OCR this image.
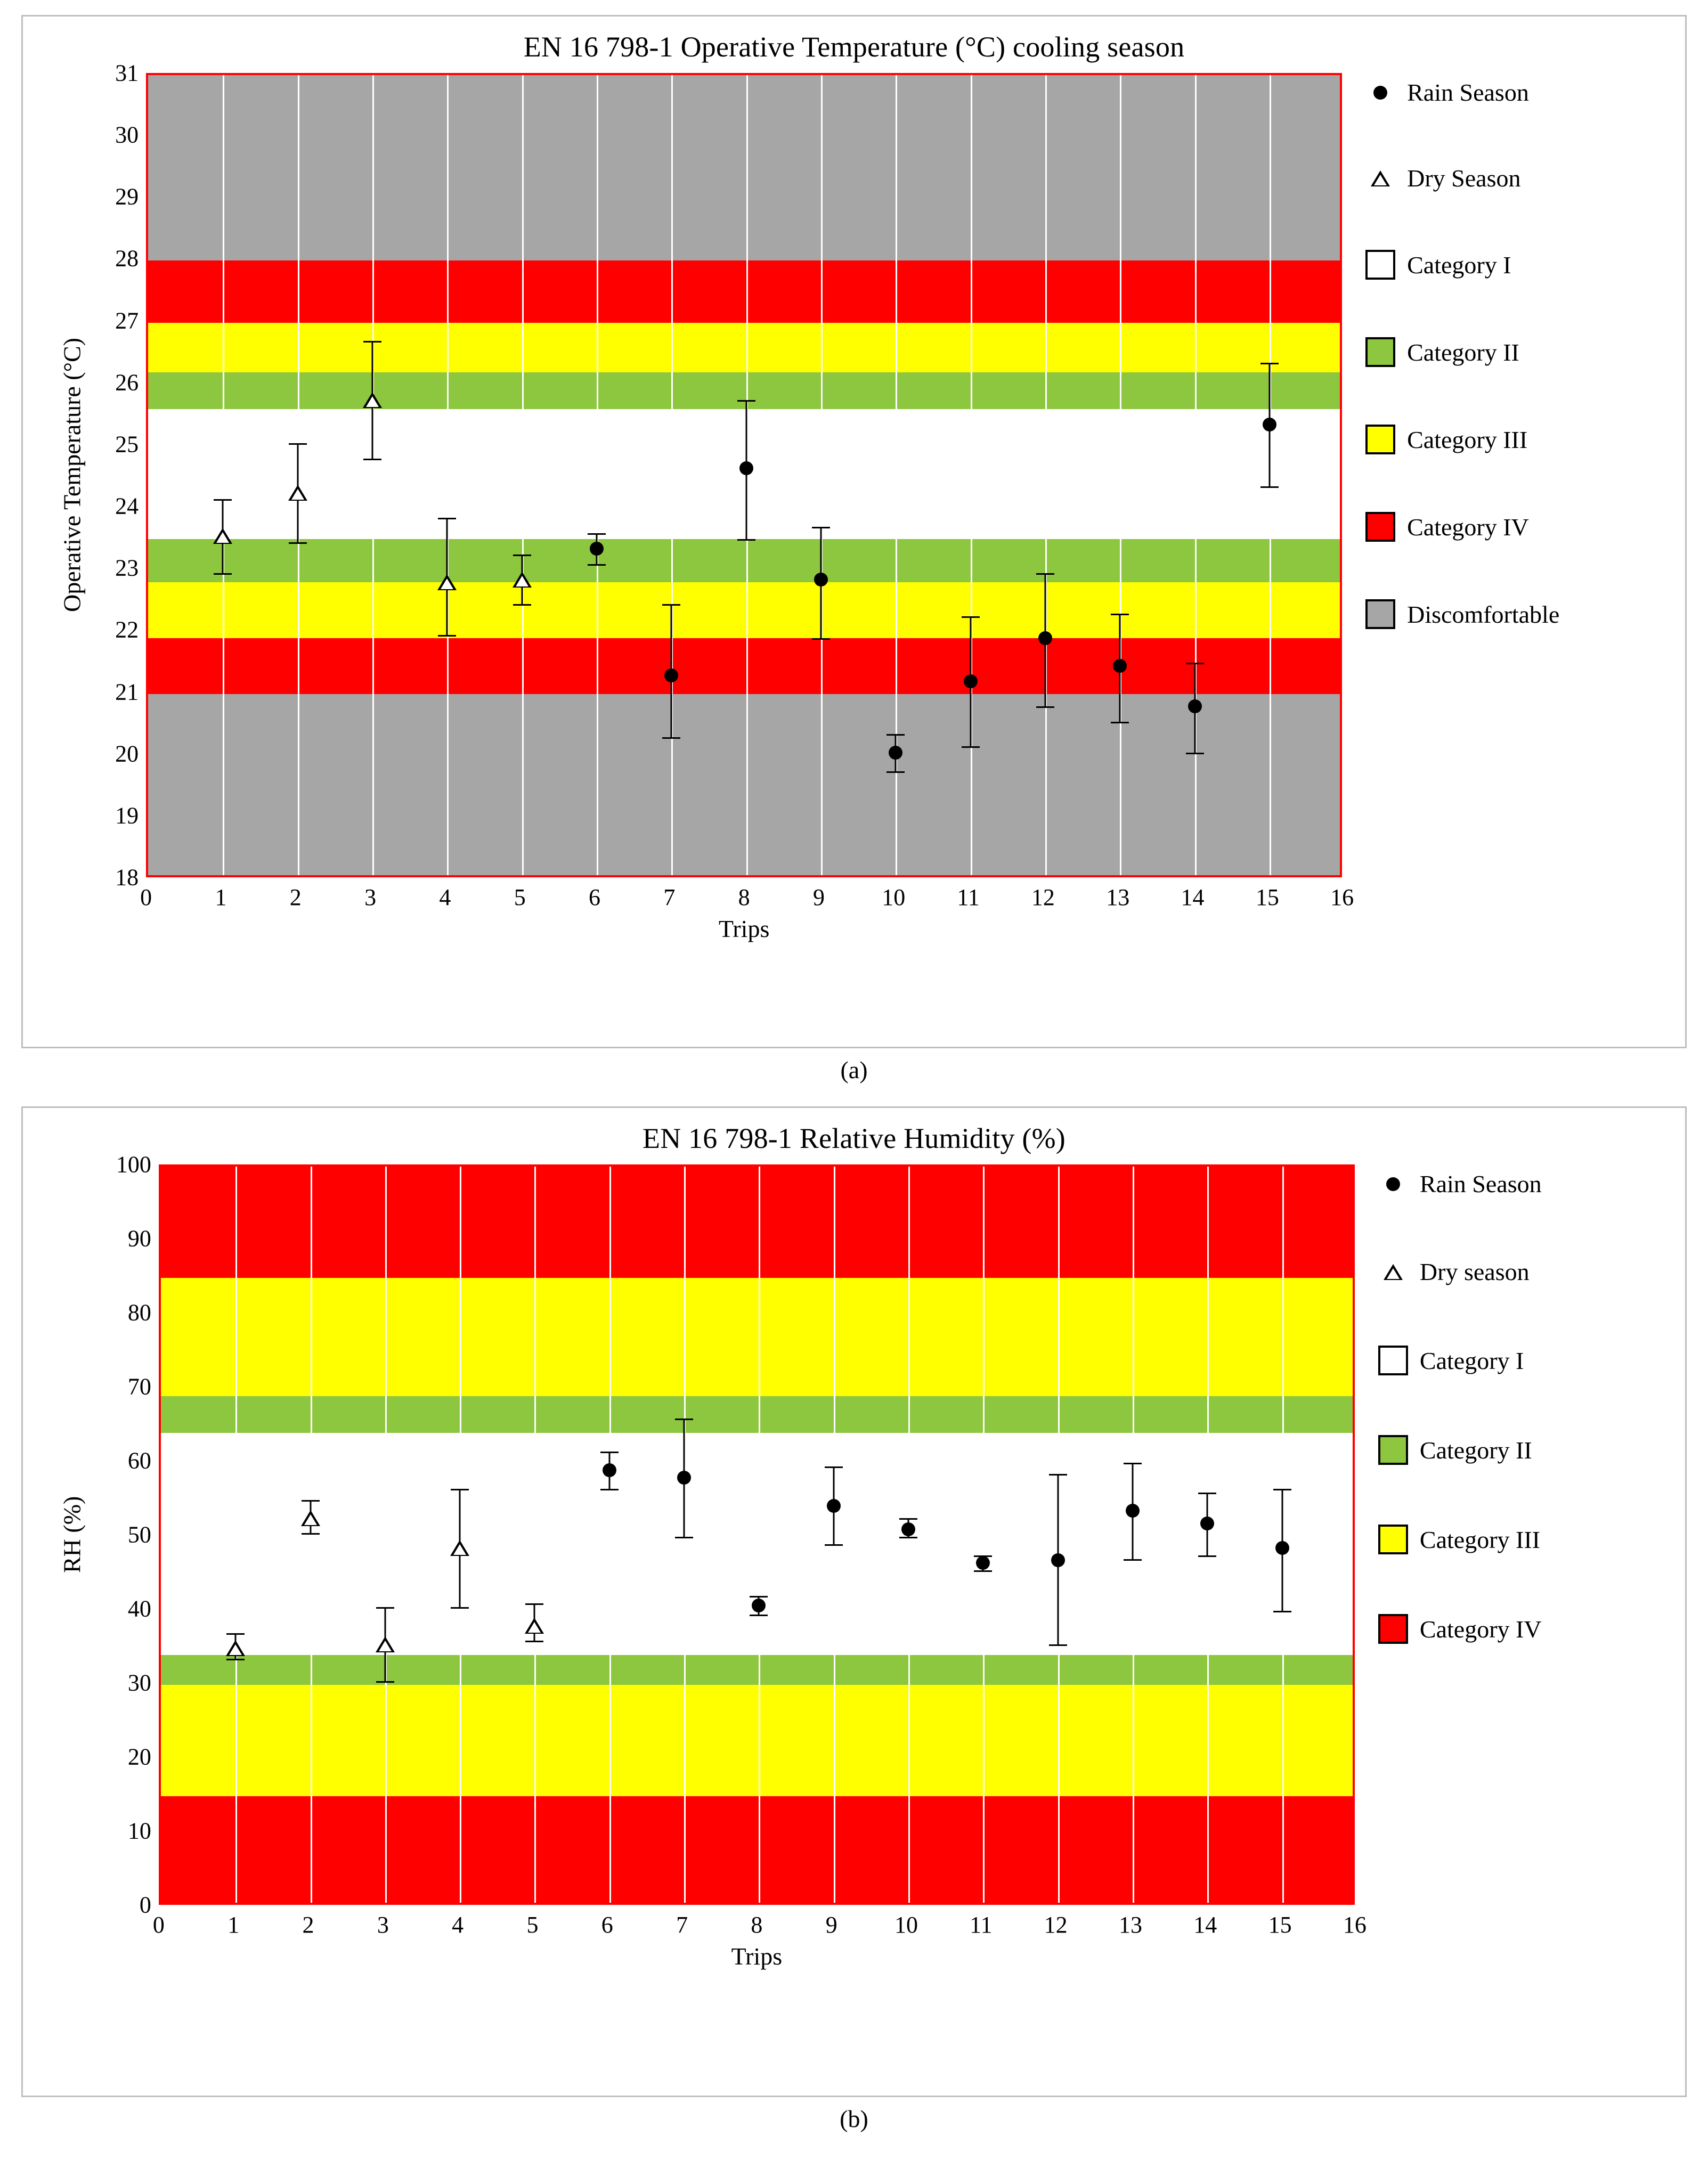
EN 16 798-1 Operative Temperature (°C) cooling season
Operative Temperature (°C)
18
19
20
21
22
23
24
25
26
27
28
29
30
31
0	1	2	3	4	5	6	7	8	9 10 11 12 13 14 15 16
Trips
Rain Season
Dry Season
Category I
Category II
Category III
Category IV
Discomfortable
(a)
EN 16 798-1 Relative Humidity (%)
RH (%)
0
10
20
30
40
50
60
70
80
90
100
0	1	2	3	4	5	6	7	8	9 10 11 12 13 14 15 16
Trips
Rain Season
Dry season
Category I
Category II
Category III
Category IV
(b)
